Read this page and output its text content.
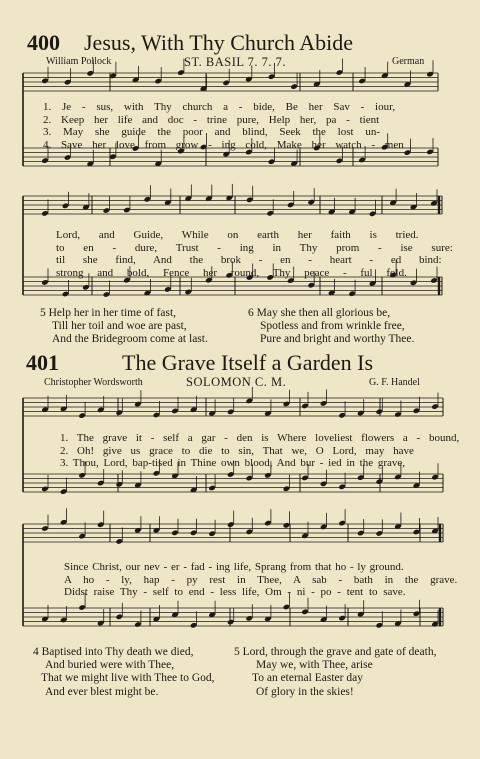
400 Jesus, With Thy Church Abide
William Pollock	ST. BASIL 7. 7. 7.	German
1. Je - sus, with Thy church a - bide, Be her Sav - iour,
2. Keep her life and doc - trine pure, Help her, pa - tient
3. May she guide the poor and blind, Seek the lost un-
4. Save her love from grow - ing cold, Make her watch - men
Lord, and Guide, While on earth her faith is tried.
to en - dure, Trust - ing in Thy prom - ise sure:
til she find, And the brok - en - heart - ed bind:
strong and bold, Fence her round, Thy peace - ful fold.
5 Help her in her time of fast,
Till her toil and woe are past,
And the Bridegroom come at last.
6 May she then all glorious be,
Spotless and from wrinkle free,
Pure and bright and worthy Thee.
401	The Grave Itself a Garden Is
Christopher Wordsworth	SOLOMON C. M.	G. F. Handel
1. The grave it - self a gar - den is Where loveliest flowers a - bound,
2. Oh! give us grace to die to sin, That we, O Lord, may have
3. Thou, Lord, bap-tised in Thine own blood, And bur - ied in the grave,
Since Christ, our nev - er - fad - ing life, Sprang from that ho - ly ground.
A ho - ly, hap - py rest in Thee, A sab - bath in the grave.
Didst raise Thy - self to end - less life, Om - ni - po - tent to save.
4 Baptised into Thy death we died,
And buried were with Thee,
That we might live with Thee to God,
And ever blest might be.
5 Lord, through the grave and gate of death,
May we, with Thee, arise
To an eternal Easter day
Of glory in the skies!
